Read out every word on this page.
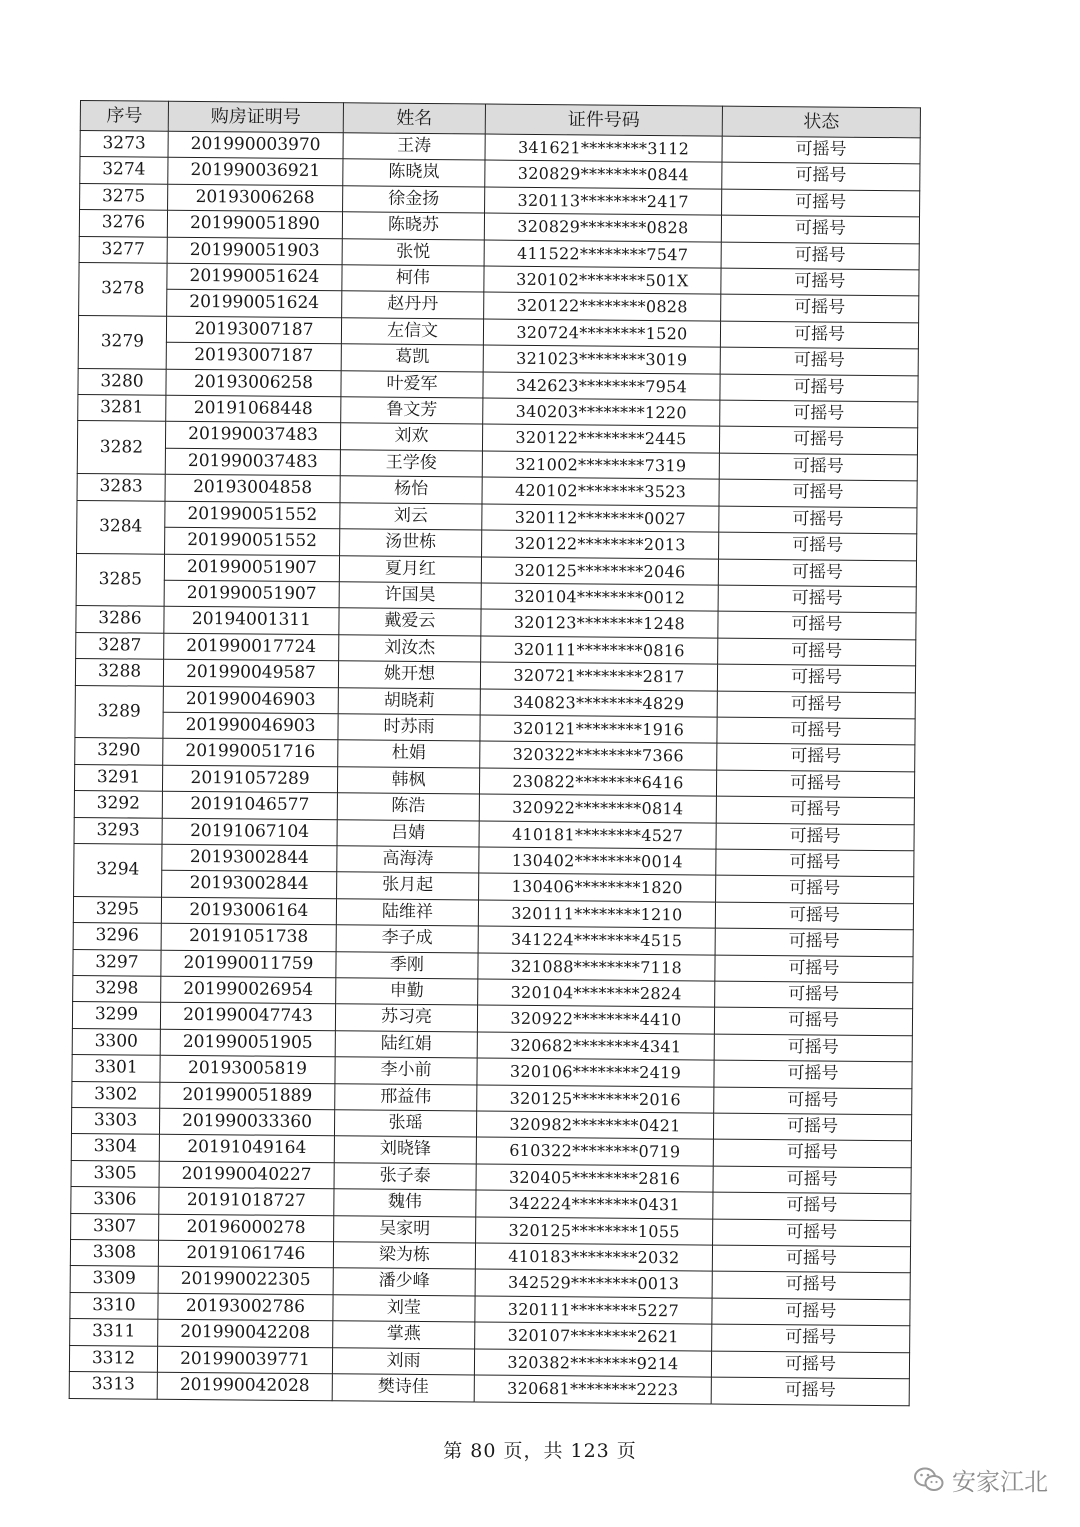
序号	购房证明号	姓名	证件号码	状态
3273	201990003970	王涛	341621********3112	可摇号
3274	201990036921	陈晓岚	320829********0844	可摇号
3275	20193006268	徐金扬	320113********2417	可摇号
3276	201990051890	陈晓苏	320829********0828	可摇号
3277	201990051903	张悦	411522********7547	可摇号
3278	201990051624	柯伟	320102********501X	可摇号
	201990051624	赵丹丹	320122********0828	可摇号
3279	20193007187	左信文	320724********1520	可摇号
	20193007187	葛凯	321023********3019	可摇号
3280	20193006258	叶爱军	342623********7954	可摇号
3281	20191068448	鲁文芳	340203********1220	可摇号
3282	201990037483	刘欢	320122********2445	可摇号
	201990037483	王学俊	321002********7319	可摇号
3283	20193004858	杨怡	420102********3523	可摇号
3284	201990051552	刘云	320112********0027	可摇号
	201990051552	汤世栋	320122********2013	可摇号
3285	201990051907	夏月红	320125********2046	可摇号
	201990051907	许国昊	320104********0012	可摇号
3286	20194001311	戴爱云	320123********1248	可摇号
3287	201990017724	刘汝杰	320111********0816	可摇号
3288	201990049587	姚开想	320721********2817	可摇号
3289	201990046903	胡晓莉	340823********4829	可摇号
	201990046903	时苏雨	320121********1916	可摇号
3290	201990051716	杜娟	320322********7366	可摇号
3291	20191057289	韩枫	230822********6416	可摇号
3292	20191046577	陈浩	320922********0814	可摇号
3293	20191067104	吕婧	410181********4527	可摇号
3294	20193002844	高海涛	130402********0014	可摇号
	20193002844	张月起	130406********1820	可摇号
3295	20193006164	陆维祥	320111********1210	可摇号
3296	20191051738	李子成	341224********4515	可摇号
3297	201990011759	季刚	321088********7118	可摇号
3298	201990026954	申勤	320104********2824	可摇号
3299	201990047743	苏习亮	320922********4410	可摇号
3300	201990051905	陆红娟	320682********4341	可摇号
3301	20193005819	李小前	320106********2419	可摇号
3302	201990051889	邢益伟	320125********2016	可摇号
3303	201990033360	张瑶	320982********0421	可摇号
3304	20191049164	刘晓锋	610322********0719	可摇号
3305	201990040227	张子泰	320405********2816	可摇号
3306	20191018727	魏伟	342224********0431	可摇号
3307	20196000278	吴家明	320125********1055	可摇号
3308	20191061746	梁为栋	410183********2032	可摇号
3309	201990022305	潘少峰	342529********0013	可摇号
3310	20193002786	刘莹	320111********5227	可摇号
3311	201990042208	掌燕	320107********2621	可摇号
3312	201990039771	刘雨	320382********9214	可摇号
3313	201990042028	樊诗佳	320681********2223	可摇号
第 80 页，共 123 页
安家江北
